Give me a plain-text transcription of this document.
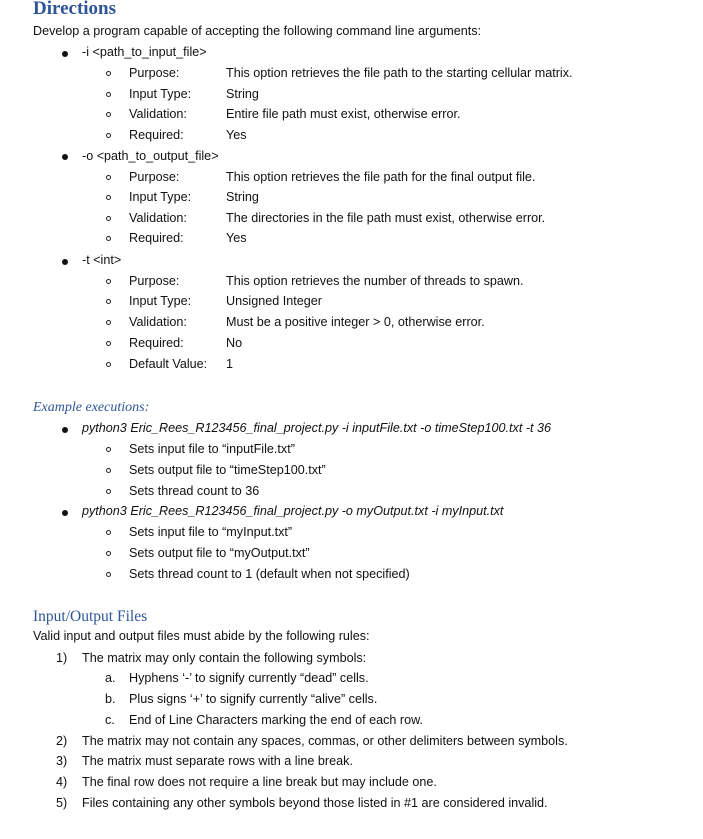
Directions
Develop a program capable of accepting the following command line arguments:
-i <path_to_input_file>
Purpose:	This option retrieves the file path to the starting cellular matrix.
Input Type:	String
Validation:	Entire file path must exist, otherwise error.
Required:	Yes
-o <path_to_output_file>
Purpose:	This option retrieves the file path for the final output file.
Input Type:	String
Validation:	The directories in the file path must exist, otherwise error.
Required:	Yes
-t <int>
Purpose:	This option retrieves the number of threads to spawn.
Input Type:	Unsigned Integer
Validation:	Must be a positive integer > 0, otherwise error.
Required:	No
Default Value: 1
Example executions:
python3 Eric_Rees_R123456_final_project.py -i inputFile.txt -o timeStep100.txt -t 36
Sets input file to “inputFile.txt”
Sets output file to “timeStep100.txt”
Sets thread count to 36
python3 Eric_Rees_R123456_final_project.py -o myOutput.txt -i myInput.txt
Sets input file to “myInput.txt”
Sets output file to “myOutput.txt”
Sets thread count to 1 (default when not specified)
Input/Output Files
Valid input and output files must abide by the following rules:
1) The matrix may only contain the following symbols:
a. Hyphens ‘-’ to signify currently “dead” cells.
b. Plus signs ‘+’ to signify currently “alive” cells.
c. End of Line Characters marking the end of each row.
2) The matrix may not contain any spaces, commas, or other delimiters between symbols.
3) The matrix must separate rows with a line break.
4) The final row does not require a line break but may include one.
5) Files containing any other symbols beyond those listed in #1 are considered invalid.
